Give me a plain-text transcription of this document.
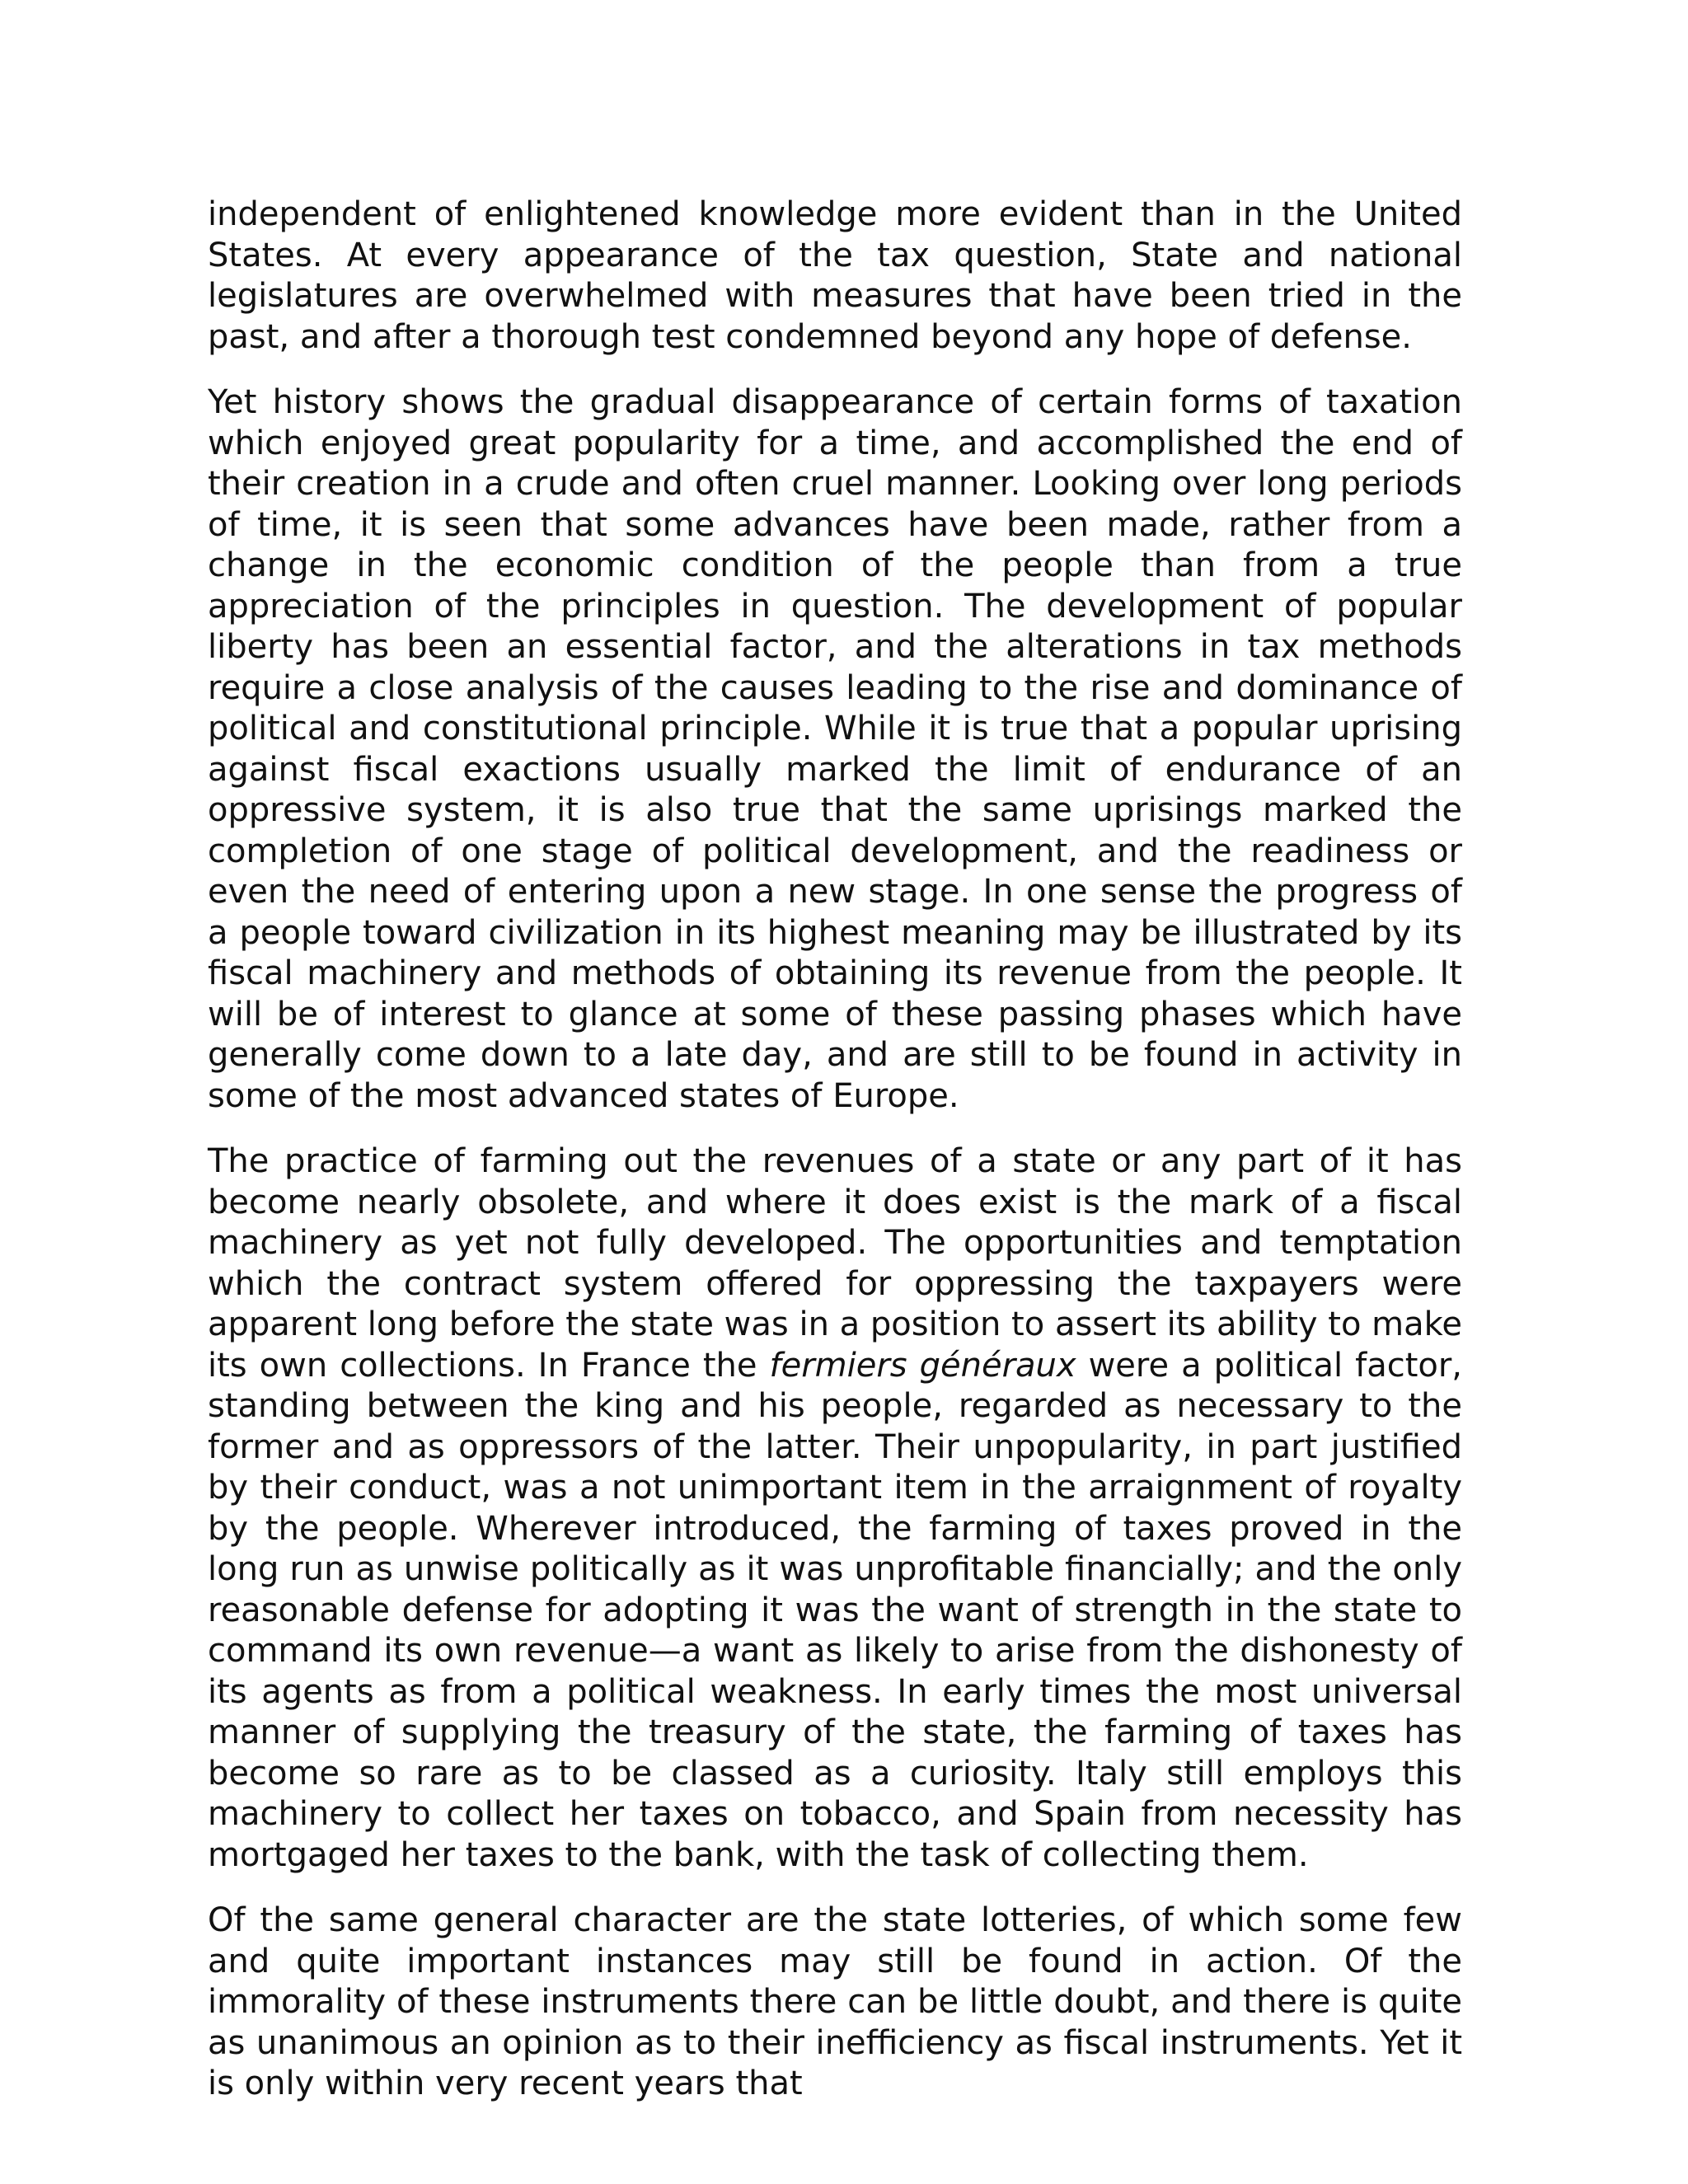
independent of enlightened knowledge more evident than in the United States. At every appearance of the tax question, State and national legislatures are overwhelmed with measures that have been tried in the past, and after a thorough test condemned beyond any hope of defense.

Yet history shows the gradual disappearance of certain forms of taxation which enjoyed great popularity for a time, and accomplished the end of their creation in a crude and often cruel manner. Looking over long periods of time, it is seen that some advances have been made, rather from a change in the economic condition of the people than from a true appreciation of the principles in question. The development of popular liberty has been an essential factor, and the alterations in tax methods require a close analysis of the causes leading to the rise and dominance of political and constitutional principle. While it is true that a popular uprising against fiscal exactions usually marked the limit of endurance of an oppressive system, it is also true that the same uprisings marked the completion of one stage of political development, and the readiness or even the need of entering upon a new stage. In one sense the progress of a people toward civilization in its highest meaning may be illustrated by its fiscal machinery and methods of obtaining its revenue from the people. It will be of interest to glance at some of these passing phases which have generally come down to a late day, and are still to be found in activity in some of the most advanced states of Europe.

The practice of farming out the revenues of a state or any part of it has become nearly obsolete, and where it does exist is the mark of a fiscal machinery as yet not fully developed. The opportunities and temptation which the contract system offered for oppressing the taxpayers were apparent long before the state was in a position to assert its ability to make its own collections. In France the fermiers généraux were a political factor, standing between the king and his people, regarded as necessary to the former and as oppressors of the latter. Their unpopularity, in part justified by their conduct, was a not unimportant item in the arraignment of royalty by the people. Wherever introduced, the farming of taxes proved in the long run as unwise politically as it was unprofitable financially; and the only reasonable defense for adopting it was the want of strength in the state to command its own revenue—a want as likely to arise from the dishonesty of its agents as from a political weakness. In early times the most universal manner of supplying the treasury of the state, the farming of taxes has become so rare as to be classed as a curiosity. Italy still employs this machinery to collect her taxes on tobacco, and Spain from necessity has mortgaged her taxes to the bank, with the task of collecting them.

Of the same general character are the state lotteries, of which some few and quite important instances may still be found in action. Of the immorality of these instruments there can be little doubt, and there is quite as unanimous an opinion as to their inefficiency as fiscal instruments. Yet it is only within very recent years that
